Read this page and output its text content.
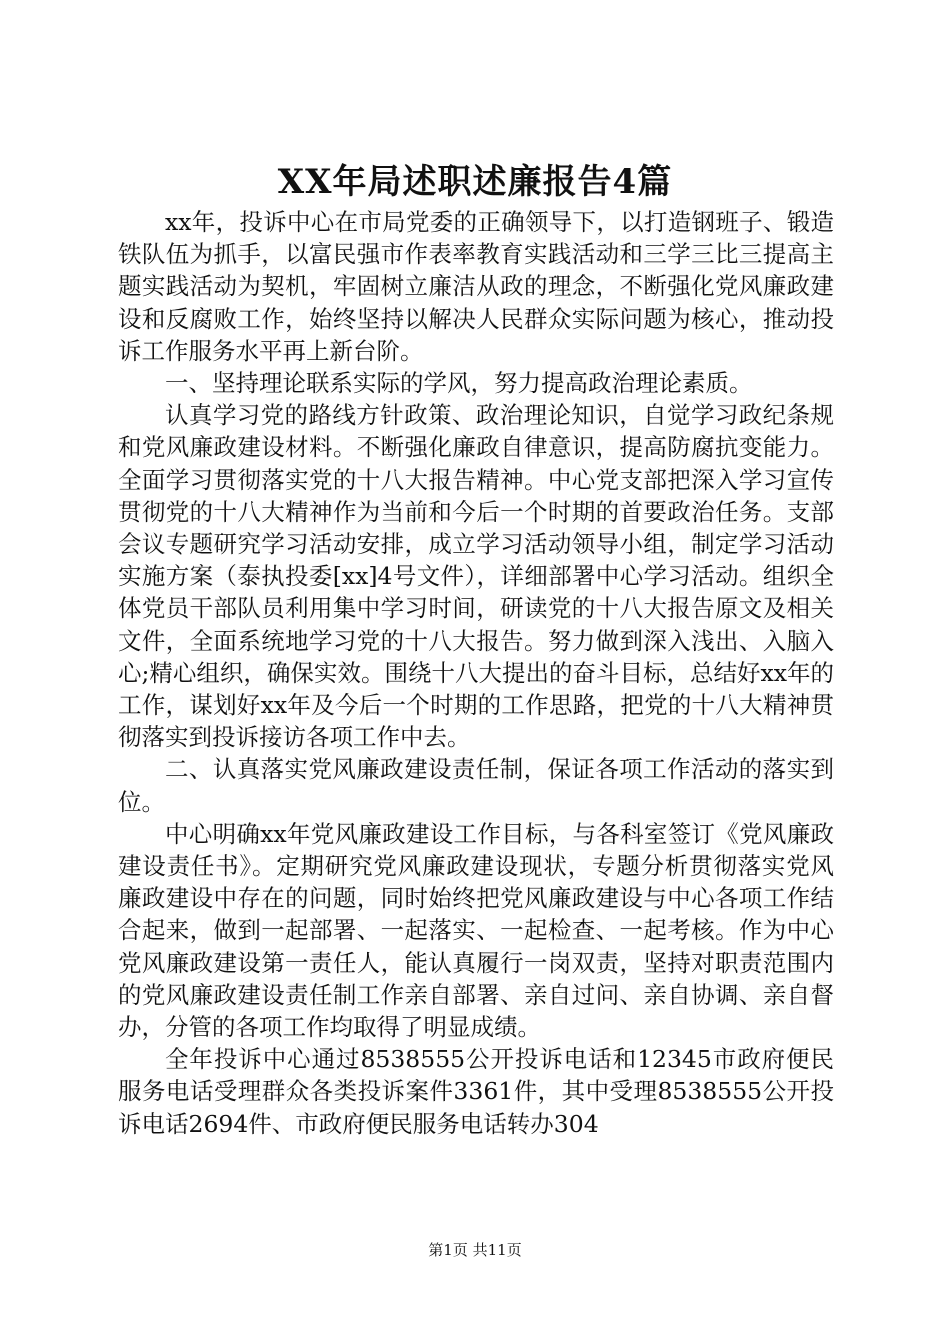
XX年局述职述廉报告4篇

xx年，投诉中心在市局党委的正确领导下，以打造钢班子、锻造铁队伍为抓手，以富民强市作表率教育实践活动和三学三比三提高主题实践活动为契机，牢固树立廉洁从政的理念，不断强化党风廉政建设和反腐败工作，始终坚持以解决人民群众实际问题为核心，推动投诉工作服务水平再上新台阶。

一、坚持理论联系实际的学风，努力提高政治理论素质。

认真学习党的路线方针政策、政治理论知识，自觉学习政纪条规和党风廉政建设材料。不断强化廉政自律意识，提高防腐抗变能力。全面学习贯彻落实党的十八大报告精神。中心党支部把深入学习宣传贯彻党的十八大精神作为当前和今后一个时期的首要政治任务。支部会议专题研究学习活动安排，成立学习活动领导小组，制定学习活动实施方案（泰执投委[xx]4号文件），详细部署中心学习活动。组织全体党员干部队员利用集中学习时间，研读党的十八大报告原文及相关文件，全面系统地学习党的十八大报告。努力做到深入浅出、入脑入心;精心组织，确保实效。围绕十八大提出的奋斗目标，总结好xx年的工作，谋划好xx年及今后一个时期的工作思路，把党的十八大精神贯彻落实到投诉接访各项工作中去。

二、认真落实党风廉政建设责任制，保证各项工作活动的落实到位。

中心明确xx年党风廉政建设工作目标，与各科室签订《党风廉政建设责任书》。定期研究党风廉政建设现状，专题分析贯彻落实党风廉政建设中存在的问题，同时始终把党风廉政建设与中心各项工作结合起来，做到一起部署、一起落实、一起检查、一起考核。作为中心党风廉政建设第一责任人，能认真履行一岗双责，坚持对职责范围内的党风廉政建设责任制工作亲自部署、亲自过问、亲自协调、亲自督办，分管的各项工作均取得了明显成绩。

全年投诉中心通过8538555公开投诉电话和12345市政府便民服务电话受理群众各类投诉案件3361件，其中受理8538555公开投诉电话2694件、市政府便民服务电话转办304

第1页 共11页
